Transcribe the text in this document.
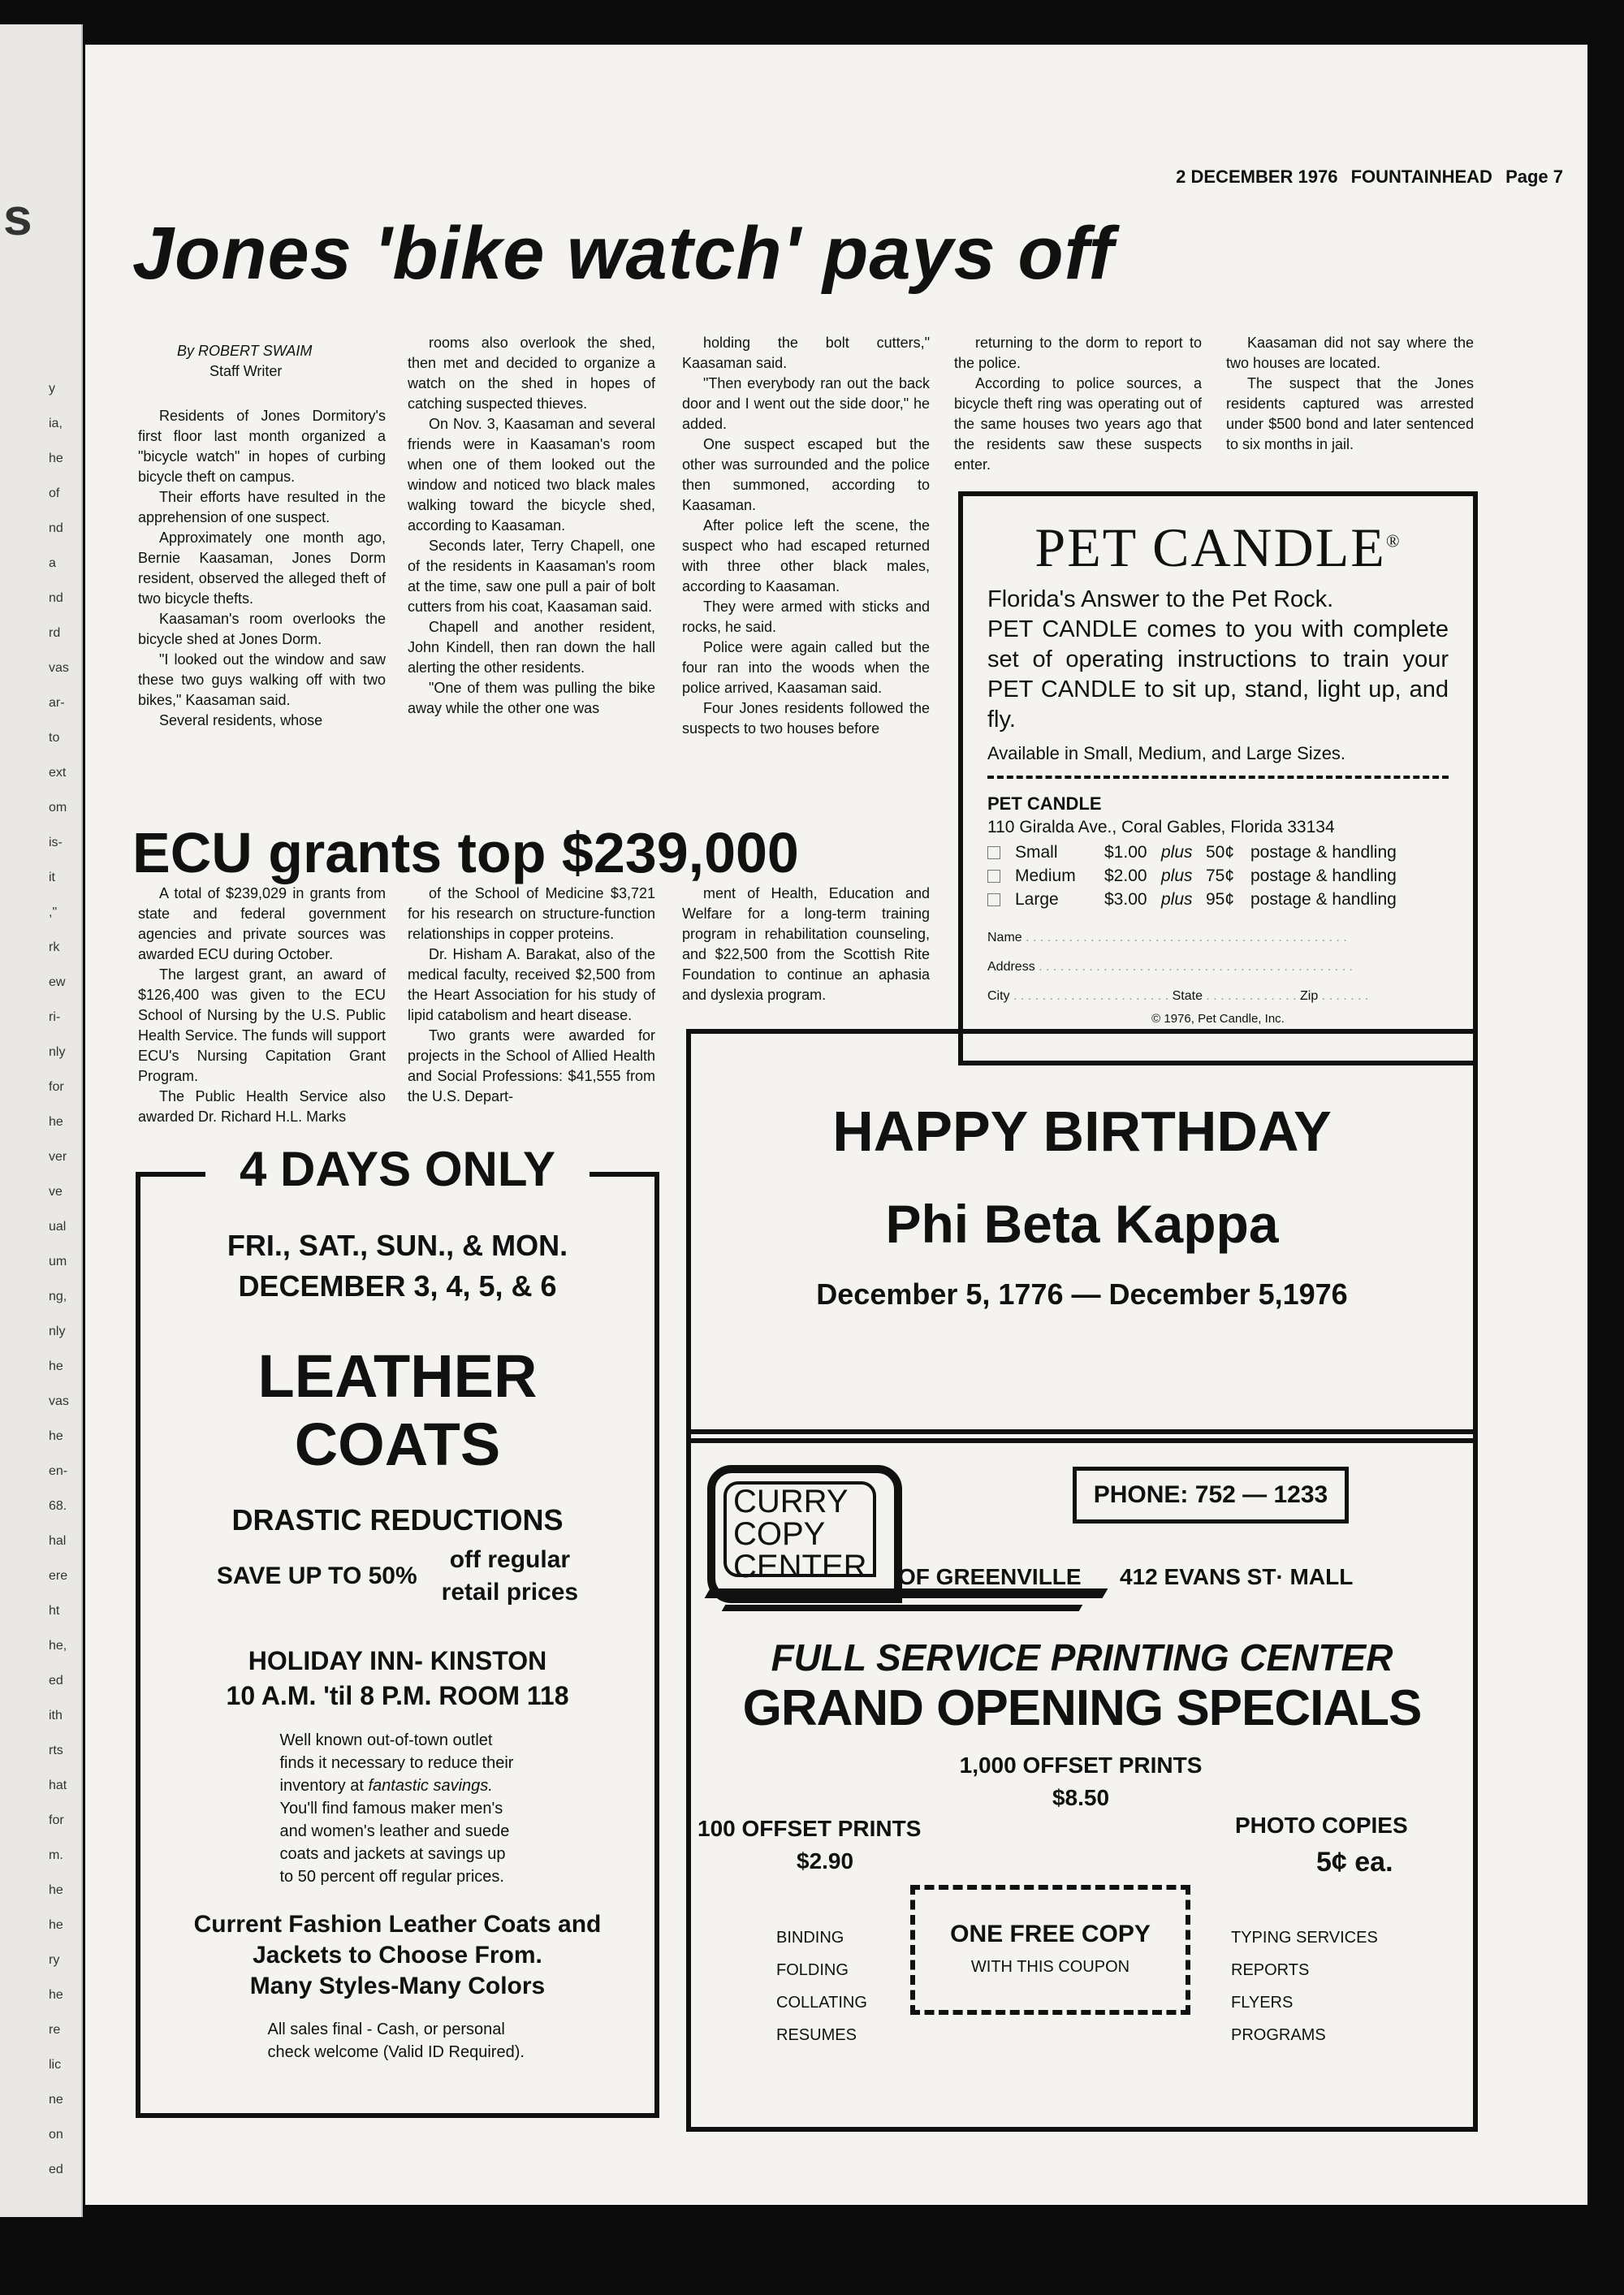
s
y
ia,
he
of
nd
a
nd
rd
vas
ar-
to
ext
om
is-
it
,"
rk
ew
ri-
nly
for
he
ver
ve
ual
um
ng,
nly
he
vas
he
en-
68.
hal
ere
ht
he,
ed
ith
rts
hat
for
m.
he
he
ry
he
re
lic
ne
on
ed
2 DECEMBER 1976 FOUNTAINHEAD Page 7
Jones 'bike watch' pays off
By ROBERT SWAIM
Staff Writer

Residents of Jones Dormitory's first floor last month organized a "bicycle watch" in hopes of curbing bicycle theft on campus.

Their efforts have resulted in the apprehension of one suspect.

Approximately one month ago, Bernie Kaasaman, Jones Dorm resident, observed the alleged theft of two bicycle thefts.

Kaasaman's room overlooks the bicycle shed at Jones Dorm.

"I looked out the window and saw these two guys walking off with two bikes," Kaasaman said.

Several residents, whose

rooms also overlook the shed, then met and decided to organize a watch on the shed in hopes of catching suspected thieves.

On Nov. 3, Kaasaman and several friends were in Kaasaman's room when one of them looked out the window and noticed two black males walking toward the bicycle shed, according to Kaasaman.

Seconds later, Terry Chapell, one of the residents in Kaasaman's room at the time, saw one pull a pair of bolt cutters from his coat, Kaasaman said.

Chapell and another resident, John Kindell, then ran down the hall alerting the other residents.

"One of them was pulling the bike away while the other one was

holding the bolt cutters," Kaasaman said.

"Then everybody ran out the back door and I went out the side door," he added.

One suspect escaped but the other was surrounded and the police then summoned, according to Kaasaman.

After police left the scene, the suspect who had escaped returned with three other black males, according to Kaasaman.

They were armed with sticks and rocks, he said.

Police were again called but the four ran into the woods when the police arrived, Kaasaman said.

Four Jones residents followed the suspects to two houses before

returning to the dorm to report to the police.

According to police sources, a bicycle theft ring was operating out of the same houses two years ago that the residents saw these suspects enter.

Kaasaman did not say where the two houses are located.

The suspect that the Jones residents captured was arrested under $500 bond and later sentenced to six months in jail.

ECU grants top $239,000

A total of $239,029 in grants from state and federal government agencies and private sources was awarded ECU during October.

The largest grant, an award of $126,400 was given to the ECU School of Nursing by the U.S. Public Health Service. The funds will support ECU's Nursing Capitation Grant Program.

The Public Health Service also awarded Dr. Richard H.L. Marks

of the School of Medicine $3,721 for his research on structure-function relationships in copper proteins.

Dr. Hisham A. Barakat, also of the medical faculty, received $2,500 from the Heart Association for his study of lipid catabolism and heart disease.

Two grants were awarded for projects in the School of Allied Health and Social Professions: $41,555 from the U.S. Depart-

ment of Health, Education and Welfare for a long-term training program in rehabilitation counseling, and $22,500 from the Scottish Rite Foundation to continue an aphasia and dyslexia program.

PET CANDLE®
Florida's Answer to the Pet Rock.
PET CANDLE comes to you with complete set of operating instructions to train your PET CANDLE to sit up, stand, light up, and fly.
Available in Small, Medium, and Large Sizes.
PET CANDLE
110 Giralda Ave., Coral Gables, Florida 33134
Small	$1.00 plus 50¢ postage & handling
Medium	$2.00 plus 75¢ postage & handling
Large	$3.00 plus 95¢ postage & handling
Name . . . . . . . . . . . . . . . . . . . . . . . . . . . . . . . . . . . . . . . . . . . . .
Address . . . . . . . . . . . . . . . . . . . . . . . . . . . . . . . . . . . . . . . . . . . .
City . . . . . . . . . . . . . . . . . . . . . . State . . . . . . . . . . . . . Zip . . . . . . .
© 1976, Pet Candle, Inc.
HAPPY BIRTHDAY
Phi Beta Kappa
December 5, 1776 — December 5,1976
4 DAYS ONLY
FRI., SAT., SUN., & MON.
DECEMBER 3, 4, 5, & 6
LEATHER
COATS
DRASTIC REDUCTIONS
SAVE UP TO 50%
off regular
retail prices
HOLIDAY INN- KINSTON
10 A.M. 'til 8 P.M. ROOM 118
Well known out-of-town outlet finds it necessary to reduce their inventory at fantastic savings. You'll find famous maker men's and women's leather and suede coats and jackets at savings up to 50 percent off regular prices.
Current Fashion Leather Coats and
Jackets to Choose From.
Many Styles-Many Colors
All sales final - Cash, or personal check welcome (Valid ID Required).
CURRY
COPY
CENTER OF GREENVILLE
PHONE: 752 — 1233
412 EVANS ST· MALL
FULL SERVICE PRINTING CENTER
GRAND OPENING SPECIALS
1,000 OFFSET PRINTS
$8.50
100 OFFSET PRINTS
$2.90
PHOTO COPIES
5¢ ea.
BINDING
FOLDING
COLLATING
RESUMES
ONE FREE COPY
WITH THIS COUPON
TYPING SERVICES
REPORTS
FLYERS
PROGRAMS
